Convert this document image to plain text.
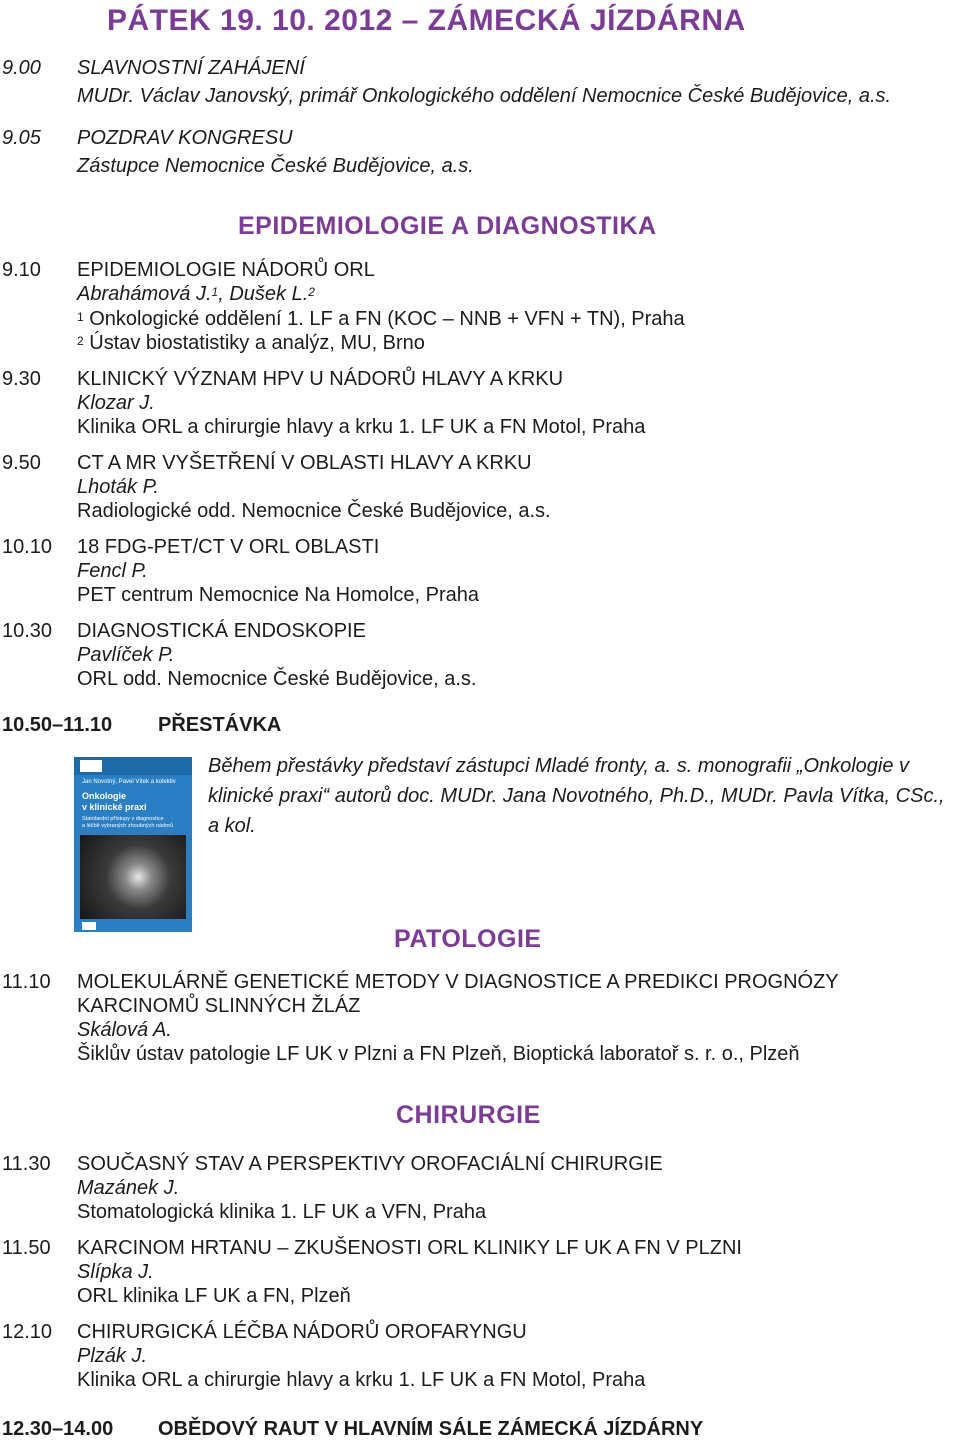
PÁTEK 19. 10. 2012 – ZÁMECKÁ JÍZDÁRNA
9.00 SLAVNOSTNÍ ZAHÁJENÍ
MUDr. Václav Janovský, primář Onkologického oddělení Nemocnice České Budějovice, a.s.
9.05 POZDRAV KONGRESU
Zástupce Nemocnice České Budějovice, a.s.
EPIDEMIOLOGIE A DIAGNOSTIKA
9.10 EPIDEMIOLOGIE NÁDORŮ ORL
Abrahámová J.$^1$, Dušek L.$^2$
$^1$ Onkologické oddělení 1. LF a FN (KOC – NNB + VFN + TN), Praha
$^2$ Ústav biostatistiky a analýz, MU, Brno
9.30 KLINICKÝ VÝZNAM HPV U NÁDORŮ HLAVY A KRKU
Klozar J.
Klinika ORL a chirurgie hlavy a krku 1. LF UK a FN Motol, Praha
9.50 CT A MR VYŠETŘENÍ V OBLASTI HLAVY A KRKU
Lhoták P.
Radiologické odd. Nemocnice České Budějovice, a.s.
10.10 18 FDG-PET/CT V ORL OBLASTI
Fencl P.
PET centrum Nemocnice Na Homolce, Praha
10.30 DIAGNOSTICKÁ ENDOSKOPIE
Pavlíček P.
ORL odd. Nemocnice České Budějovice, a.s.
10.50–11.10 PŘESTÁVKA
Během přestávky představí zástupci Mladé fronty, a. s. monografii „Onkologie v klinické praxi“ autorů doc. MUDr. Jana Novotného, Ph.D., MUDr. Pavla Vítka, CSc., a kol.
Jan Novotný, Pavel Vítek a kolektiv
Onkologie
v klinické praxi
Standardní přístupy v diagnostice
a léčbě vybraných zhoubných nádorů
PATOLOGIE
11.10 MOLEKULÁRNĚ GENETICKÉ METODY V DIAGNOSTICE A PREDIKCI PROGNÓZY
KARCINOMŮ SLINNÝCH ŽLÁZ
Skálová A.
Šiklův ústav patologie LF UK v Plzni a FN Plzeň, Bioptická laboratoř s. r. o., Plzeň
CHIRURGIE
11.30 SOUČASNÝ STAV A PERSPEKTIVY OROFACIÁLNÍ CHIRURGIE
Mazánek J.
Stomatologická klinika 1. LF UK a VFN, Praha
11.50 KARCINOM HRTANU – ZKUŠENOSTI ORL KLINIKY LF UK A FN V PLZNI
Slípka J.
ORL klinika LF UK a FN, Plzeň
12.10 CHIRURGICKÁ LÉČBA NÁDORŮ OROFARYNGU
Plzák J.
Klinika ORL a chirurgie hlavy a krku 1. LF UK a FN Motol, Praha
12.30–14.00 OBĚDOVÝ RAUT V HLAVNÍM SÁLE ZÁMECKÁ JÍZDÁRNY
